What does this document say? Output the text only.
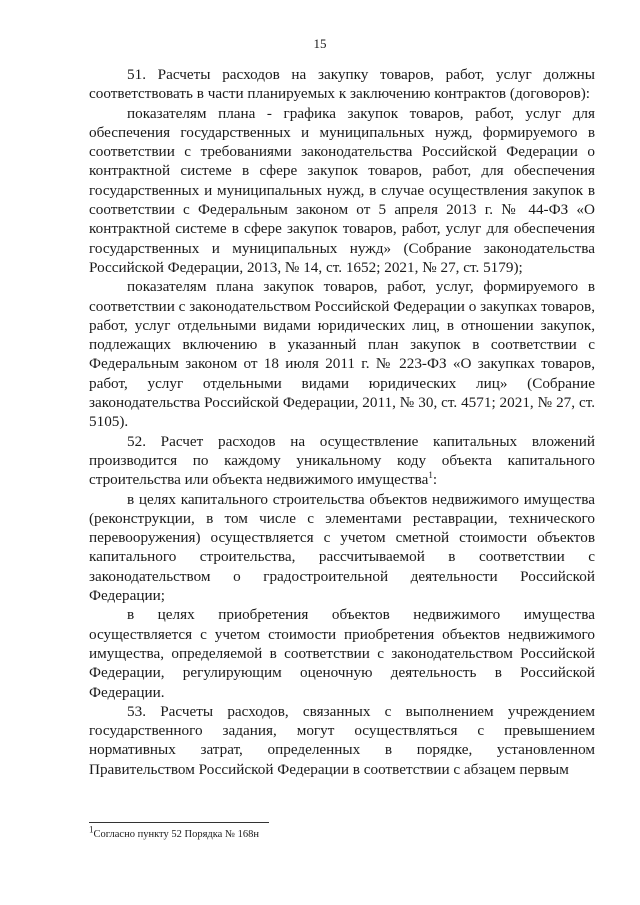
15

51. Расчеты расходов на закупку товаров, работ, услуг должны соответствовать в части планируемых к заключению контрактов (договоров):

показателям плана - графика закупок товаров, работ, услуг для обеспечения государственных и муниципальных нужд, формируемого в соответствии с требованиями законодательства Российской Федерации о контрактной системе в сфере закупок товаров, работ, для обеспечения государственных и муниципальных нужд, в случае осуществления закупок в соответствии с Федеральным законом от 5 апреля 2013 г. № 44-ФЗ «О контрактной системе в сфере закупок товаров, работ, услуг для обеспечения государственных и муниципальных нужд» (Собрание законодательства Российской Федерации, 2013, № 14, ст. 1652; 2021, № 27, ст. 5179);

показателям плана закупок товаров, работ, услуг, формируемого в соответствии с законодательством Российской Федерации о закупках товаров, работ, услуг отдельными видами юридических лиц, в отношении закупок, подлежащих включению в указанный план закупок в соответствии с Федеральным законом от 18 июля 2011 г. № 223-ФЗ «О закупках товаров, работ, услуг отдельными видами юридических лиц» (Собрание законодательства Российской Федерации, 2011, № 30, ст. 4571; 2021, № 27, ст. 5105).

52. Расчет расходов на осуществление капитальных вложений производится по каждому уникальному коду объекта капитального строительства или объекта недвижимого имущества$^1$:

в целях капитального строительства объектов недвижимого имущества (реконструкции, в том числе с элементами реставрации, технического перевооружения) осуществляется с учетом сметной стоимости объектов капитального строительства, рассчитываемой в соответствии с законодательством о градостроительной деятельности Российской Федерации;

в целях приобретения объектов недвижимого имущества осуществляется с учетом стоимости приобретения объектов недвижимого имущества, определяемой в соответствии с законодательством Российской Федерации, регулирующим оценочную деятельность в Российской Федерации.

53. Расчеты расходов, связанных с выполнением учреждением государственного задания, могут осуществляться с превышением нормативных затрат, определенных в порядке, установленном Правительством Российской Федерации в соответствии с абзацем первым

$^1$Согласно пункту 52 Порядка № 168н
